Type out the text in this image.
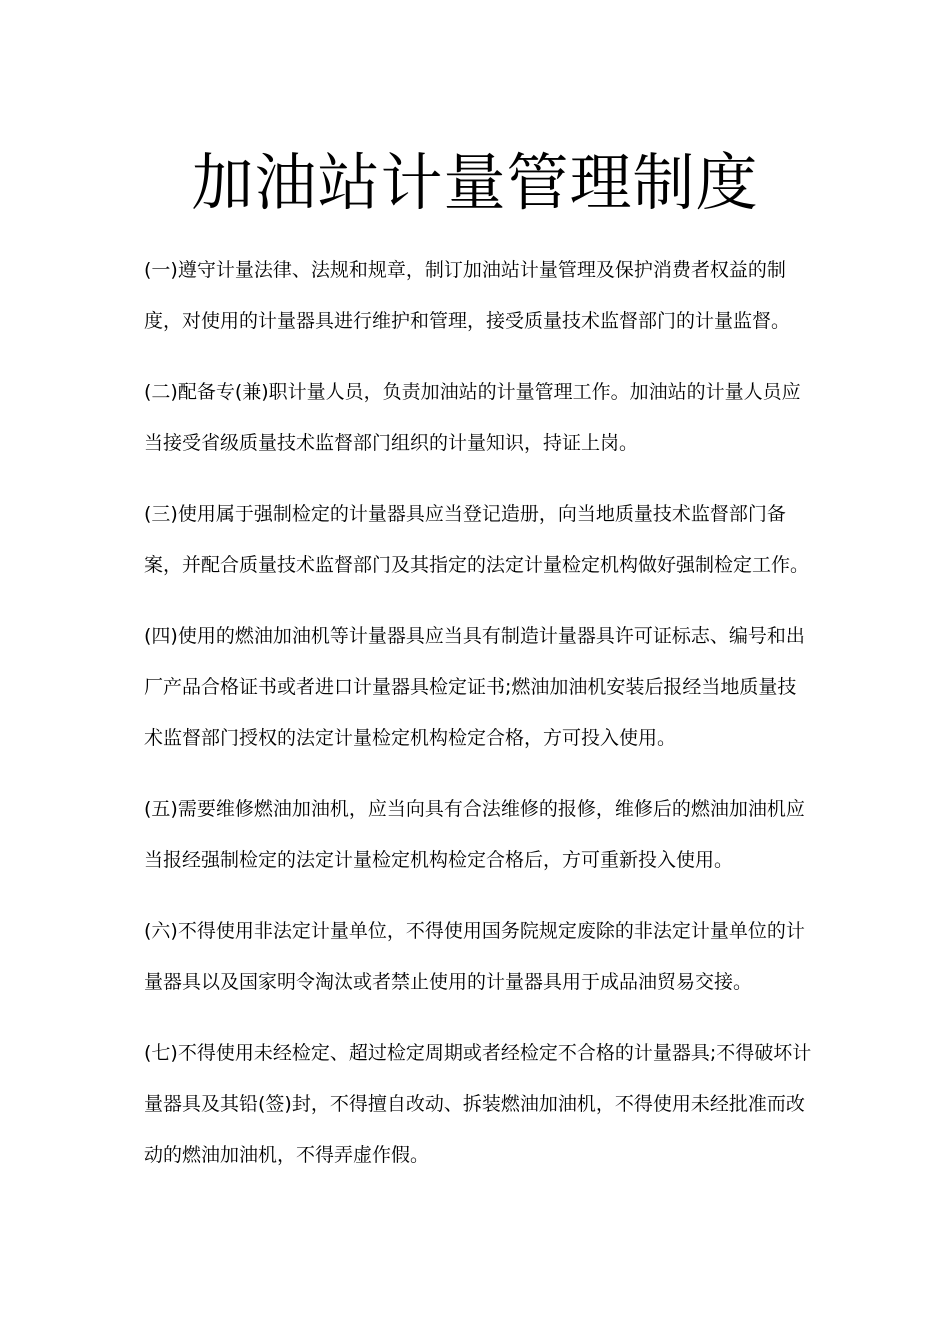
加油站计量管理制度

(一)遵守计量法律、法规和规章，制订加油站计量管理及保护消费者权益的制度，对使用的计量器具进行维护和管理，接受质量技术监督部门的计量监督。

(二)配备专(兼)职计量人员，负责加油站的计量管理工作。加油站的计量人员应当接受省级质量技术监督部门组织的计量知识，持证上岗。

(三)使用属于强制检定的计量器具应当登记造册，向当地质量技术监督部门备案，并配合质量技术监督部门及其指定的法定计量检定机构做好强制检定工作。

(四)使用的燃油加油机等计量器具应当具有制造计量器具许可证标志、编号和出厂产品合格证书或者进口计量器具检定证书;燃油加油机安装后报经当地质量技术监督部门授权的法定计量检定机构检定合格，方可投入使用。

(五)需要维修燃油加油机，应当向具有合法维修的报修，维修后的燃油加油机应当报经强制检定的法定计量检定机构检定合格后，方可重新投入使用。

(六)不得使用非法定计量单位，不得使用国务院规定废除的非法定计量单位的计量器具以及国家明令淘汰或者禁止使用的计量器具用于成品油贸易交接。

(七)不得使用未经检定、超过检定周期或者经检定不合格的计量器具;不得破坏计量器具及其铅(签)封，不得擅自改动、拆装燃油加油机，不得使用未经批准而改动的燃油加油机，不得弄虚作假。
